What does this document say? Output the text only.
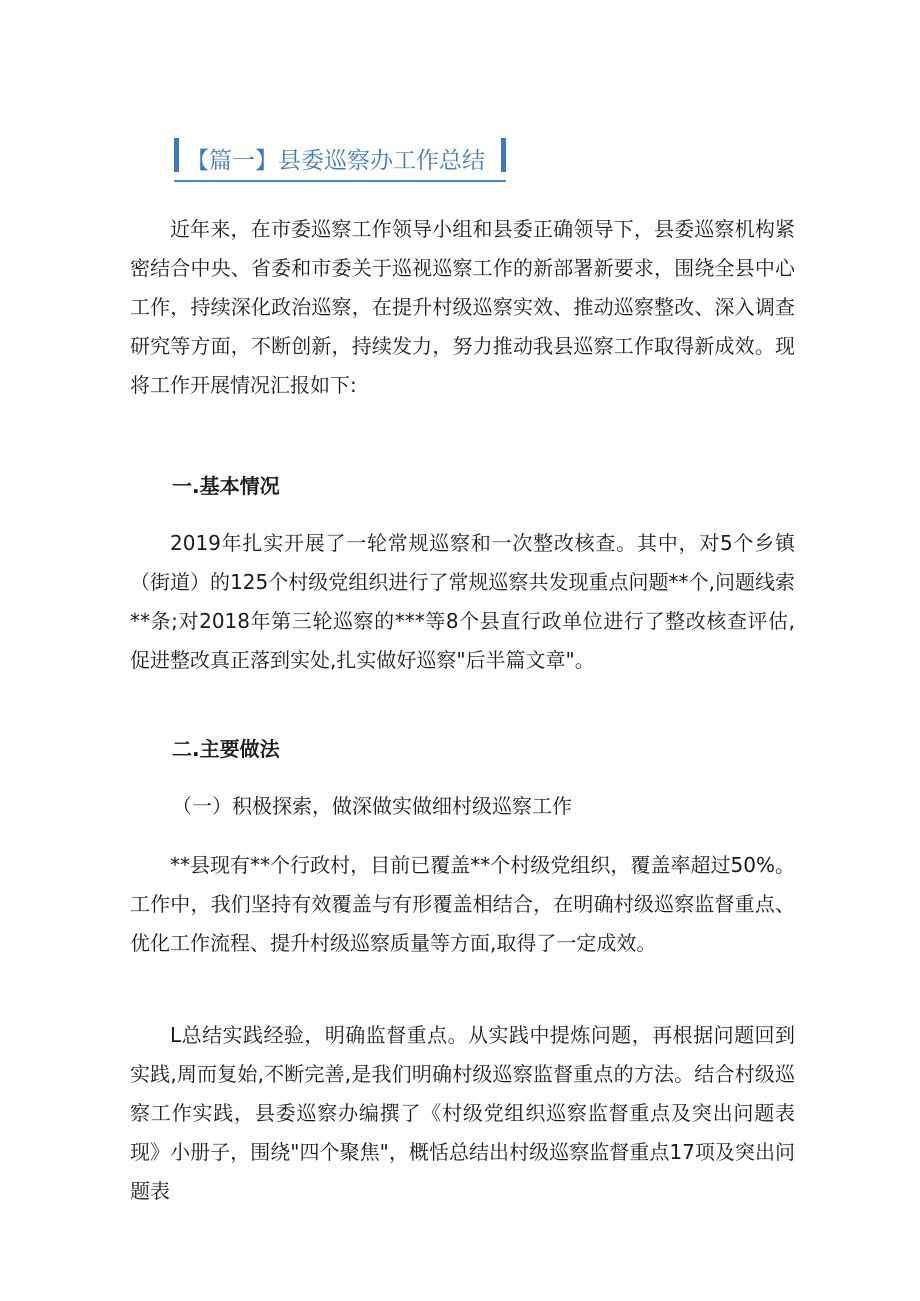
【篇一】县委巡察办工作总结

近年来，在市委巡察工作领导小组和县委正确领导下，县委巡察机构紧密结合中央、省委和市委关于巡视巡察工作的新部署新要求，围绕全县中心工作，持续深化政治巡察，在提升村级巡察实效、推动巡察整改、深入调查研究等方面，不断创新，持续发力，努力推动我县巡察工作取得新成效。现将工作开展情况汇报如下:

一.基本情况

2019年扎实开展了一轮常规巡察和一次整改核查。其中，对5个乡镇（街道）的125个村级党组织进行了常规巡察共发现重点问题**个,问题线索**条;对2018年第三轮巡察的***等8个县直行政单位进行了整改核查评估,促进整改真正落到实处,扎实做好巡察"后半篇文章"。

二.主要做法

（一）积极探索，做深做实做细村级巡察工作

**县现有**个行政村，目前已覆盖**个村级党组织，覆盖率超过50%。工作中，我们坚持有效覆盖与有形覆盖相结合，在明确村级巡察监督重点、优化工作流程、提升村级巡察质量等方面,取得了一定成效。

L总结实践经验，明确监督重点。从实践中提炼问题，再根据问题回到实践,周而复始,不断完善,是我们明确村级巡察监督重点的方法。结合村级巡察工作实践，县委巡察办编撰了《村级党组织巡察监督重点及突出问题表现》小册子，围绕"四个聚焦"，概恬总结出村级巡察监督重点17项及突出问题表
